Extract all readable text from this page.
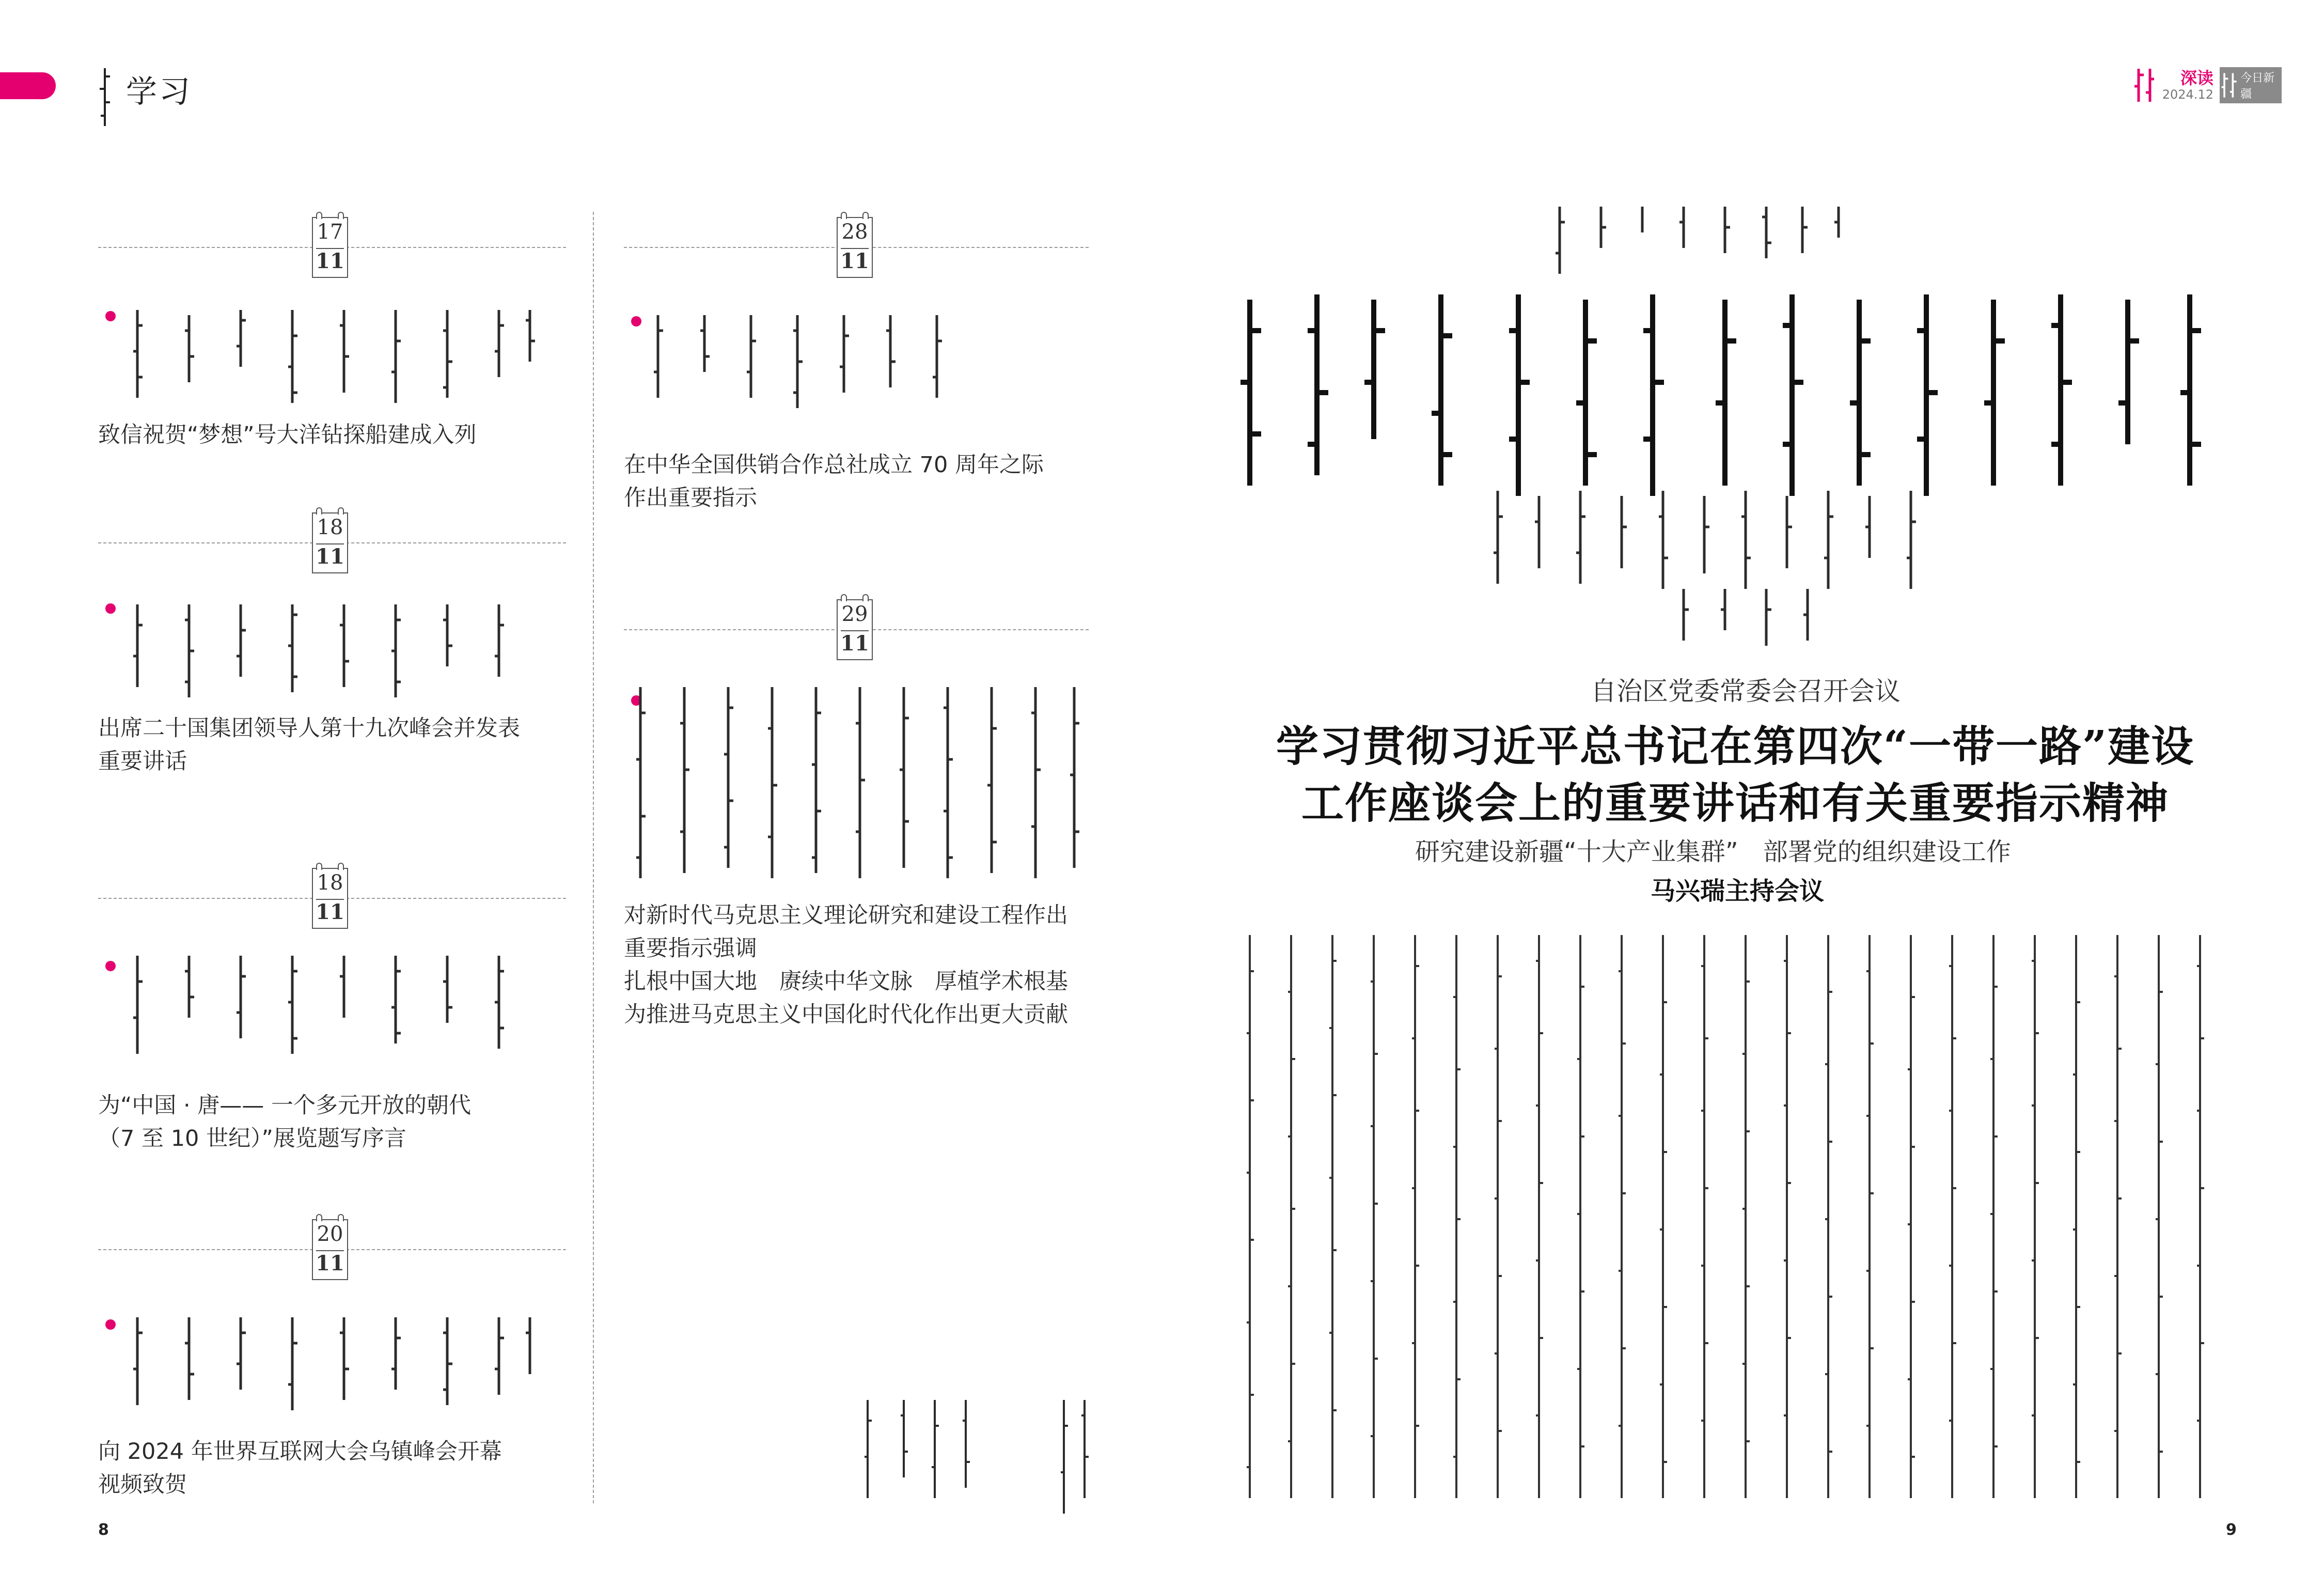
学习	深读
2024.12
今日新疆
17
11
致信祝贺“梦想”号大洋钻探船建成入列
18
11
出席二十国集团领导人第十九次峰会并发表
重要讲话
18
11
为“中国 · 唐—— 一个多元开放的朝代
（7 至 10 世纪）”展览题写序言
20
11
向 2024 年世界互联网大会乌镇峰会开幕
视频致贺
28
11
在中华全国供销合作总社成立 70 周年之际
作出重要指示
29
11
对新时代马克思主义理论研究和建设工程作出
重要指示强调
扎根中国大地　赓续中华文脉　厚植学术根基
为推进马克思主义中国化时代化作出更大贡献
8
自治区党委常委会召开会议
学习贯彻习近平总书记在第四次“一带一路”建设
工作座谈会上的重要讲话和有关重要指示精神
研究建设新疆“十大产业集群”　部署党的组织建设工作
马兴瑞主持会议
9
